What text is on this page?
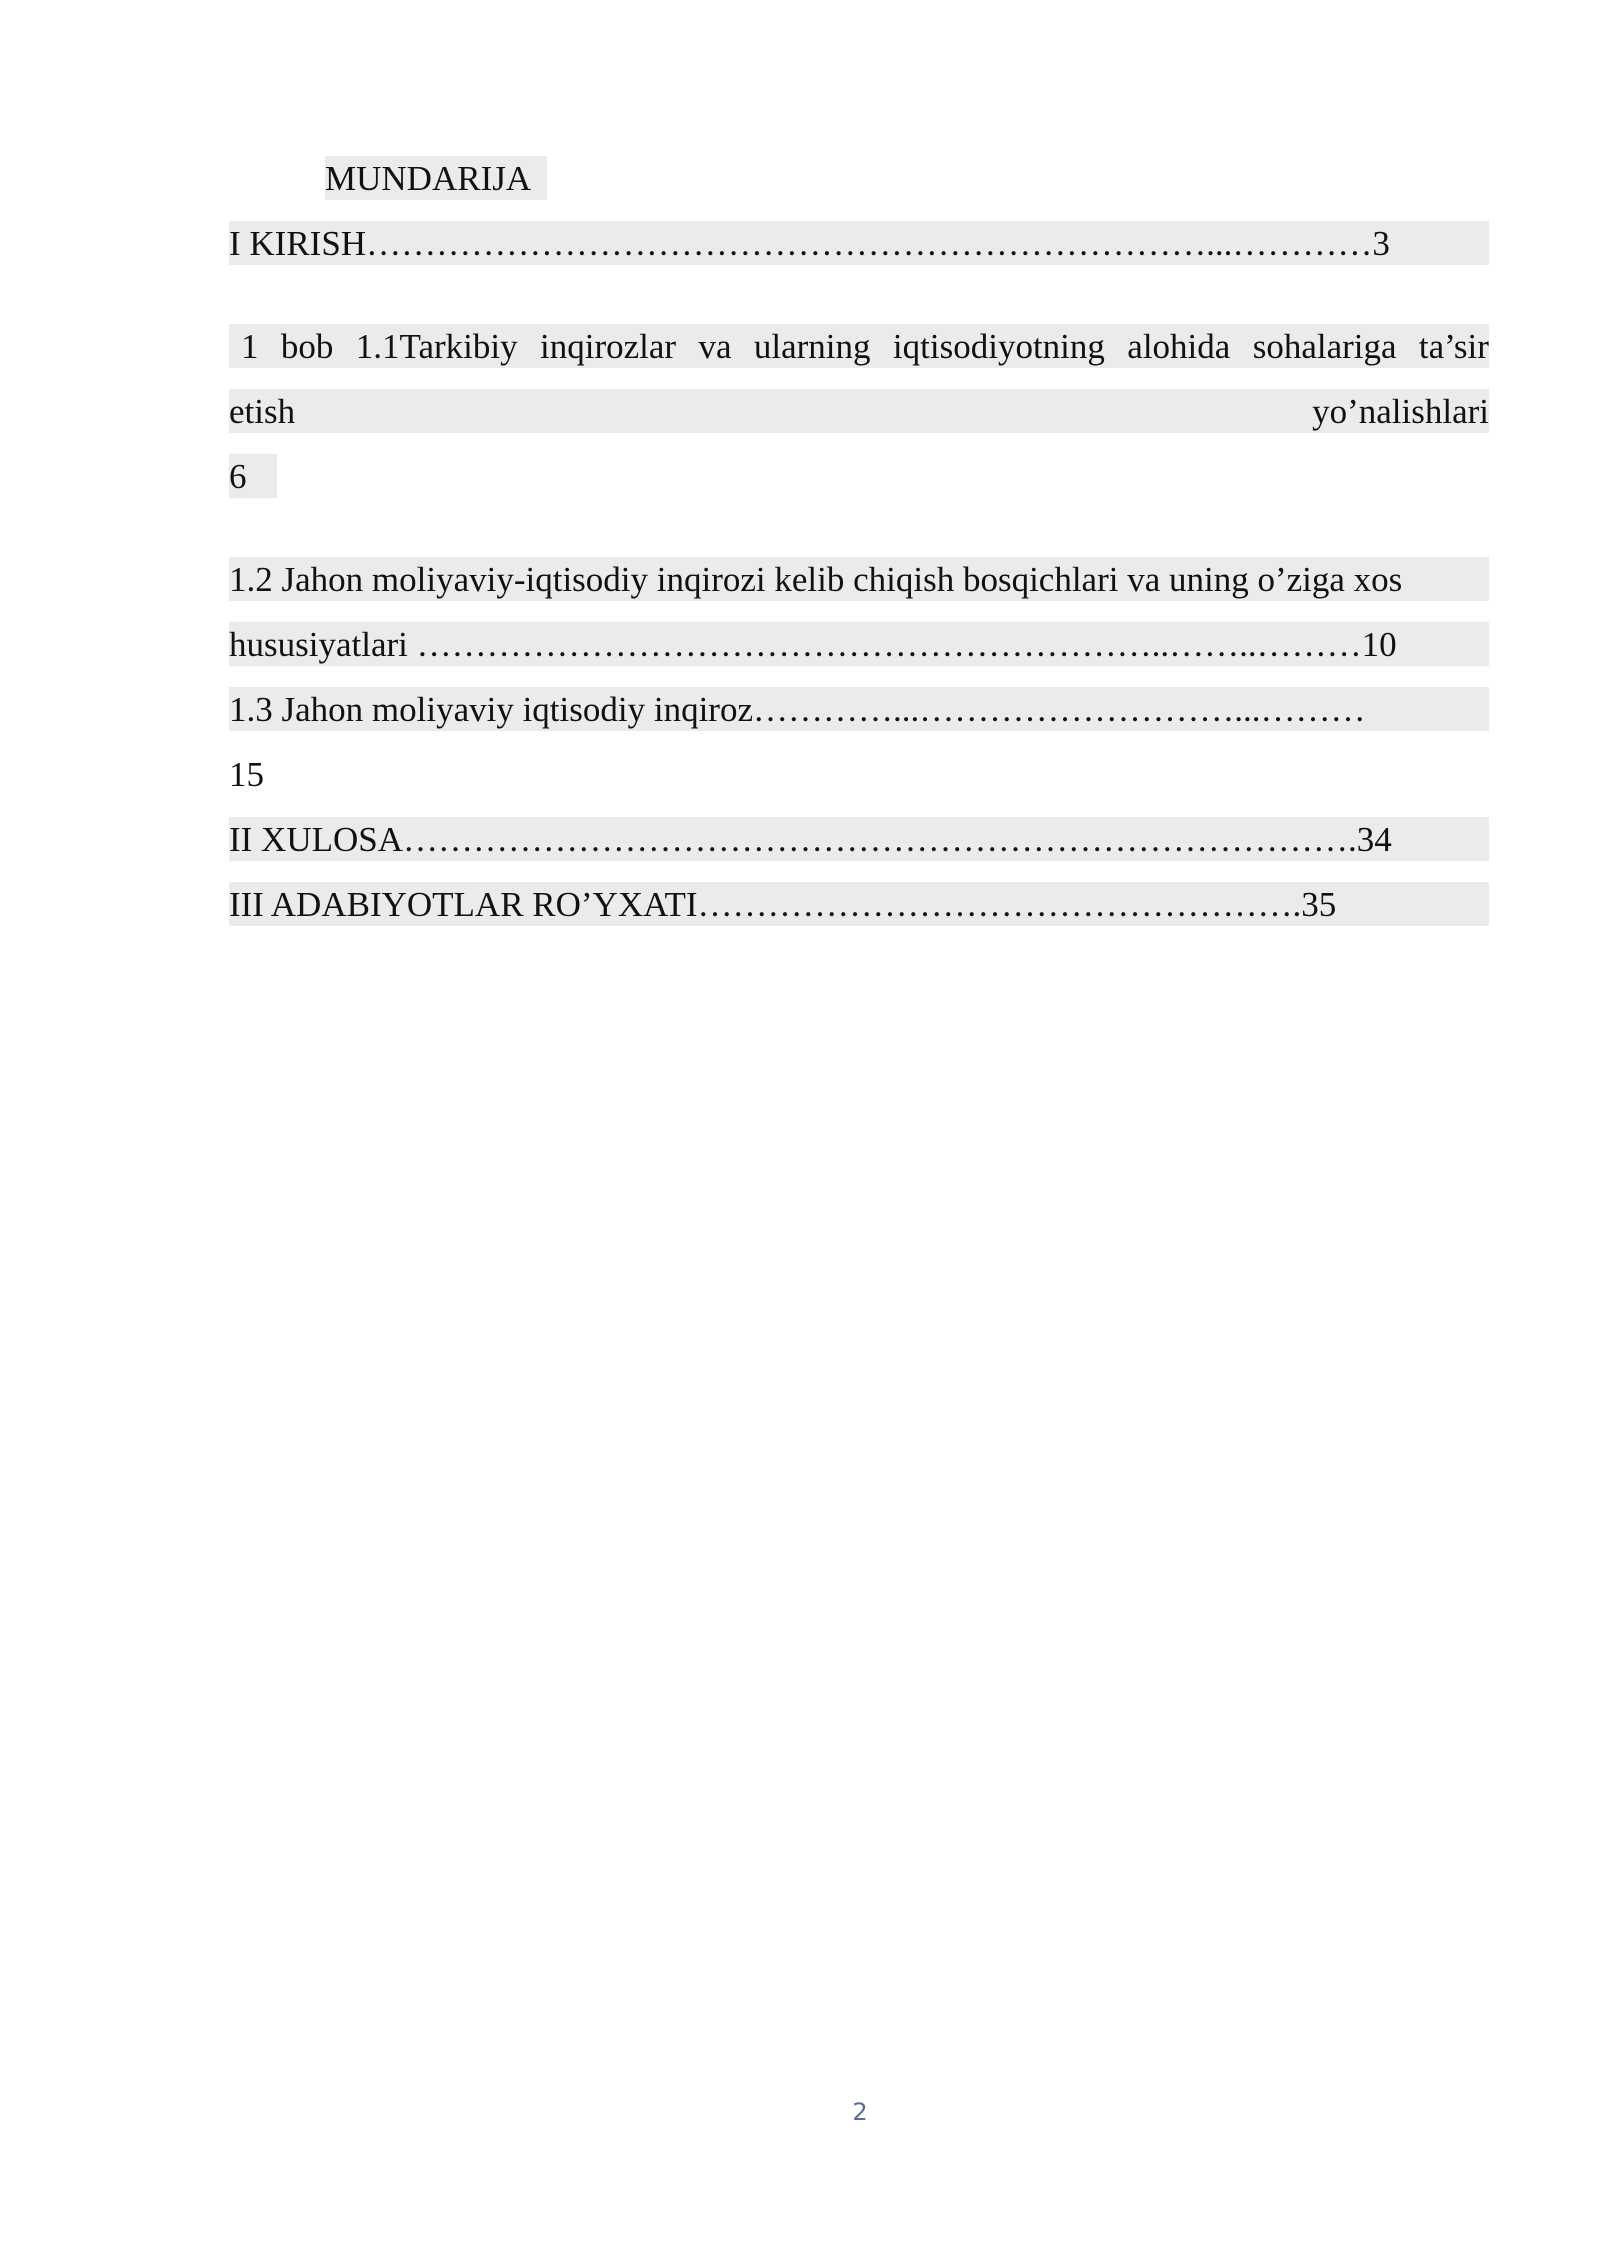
MUNDARIJA
I KIRISH………………………………………………………………...…………3
1 bob 1.1Tarkibiy inqirozlar va ularning iqtisodiyotning alohida sohalariga ta’sir
etish	yo’nalishlari
6
1.2 Jahon moliyaviy-iqtisodiy inqirozi kelib chiqish bosqichlari va uning o’ziga xos
hususiyatlari ………………………………………………………..……..………10
1.3 Jahon moliyaviy iqtisodiy inqiroz…………...………………………...………
15
II XULOSA……………………………………………………………………….34
III ADABIYOTLAR RO’YXATI…………………………………………….35
2
